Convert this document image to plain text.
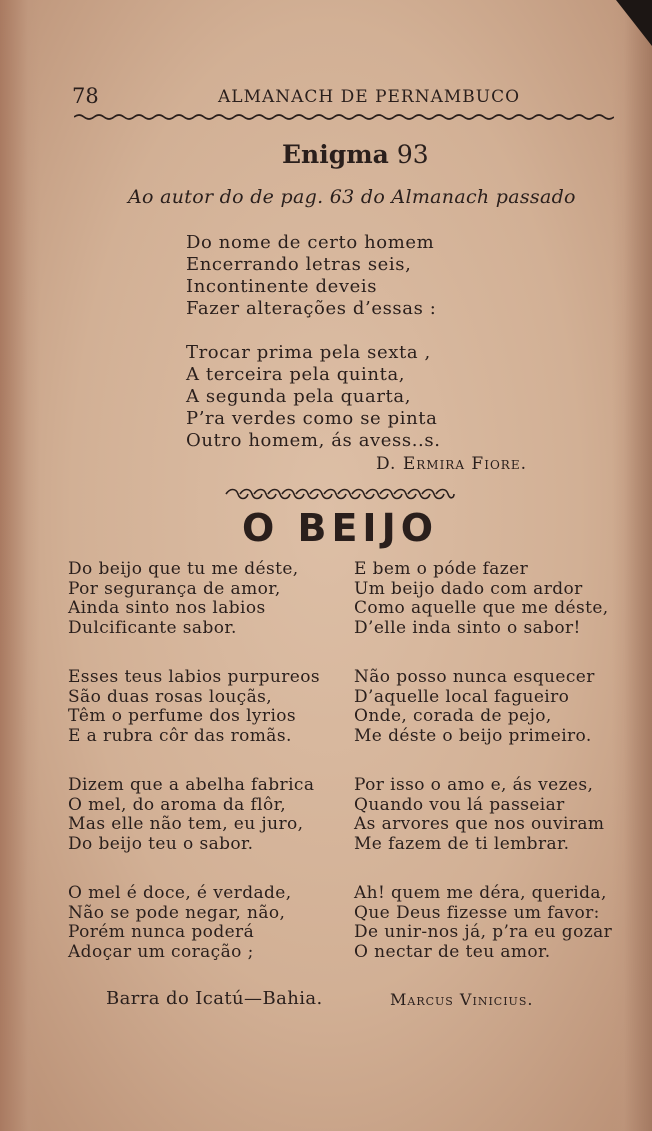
78	ALMANACH DE PERNAMBUCO
Enigma 93
Ao autor do de pag. 63 do Almanach passado
Do nome de certo homem
Encerrando letras seis,
Incontinente deveis
Fazer alterações d’essas :
Trocar prima pela sexta ,
A terceira pela quinta,
A segunda pela quarta,
P’ra verdes como se pinta
Outro homem, ás avess..s.
D. Ermira Fiore.
O BEIJO
Do beijo que tu me déste,
Por segurança de amor,
Ainda sinto nos labios
Dulcificante sabor.
Esses teus labios purpureos
São duas rosas louçãs,
Têm o perfume dos lyrios
E a rubra côr das romãs.
Dizem que a abelha fabrica
O mel, do aroma da flôr,
Mas elle não tem, eu juro,
Do beijo teu o sabor.
O mel é doce, é verdade,
Não se pode negar, não,
Porém nunca poderá
Adoçar um coração ;
E bem o póde fazer
Um beijo dado com ardor
Como aquelle que me déste,
D’elle inda sinto o sabor!
Não posso nunca esquecer
D’aquelle local fagueiro
Onde, corada de pejo,
Me déste o beijo primeiro.
Por isso o amo e, ás vezes,
Quando vou lá passeiar
As arvores que nos ouviram
Me fazem de ti lembrar.
Ah! quem me déra, querida,
Que Deus fizesse um favor:
De unir-nos já, p’ra eu gozar
O nectar de teu amor.
Barra do Icatú—Bahia.	Marcus Vinicius.
